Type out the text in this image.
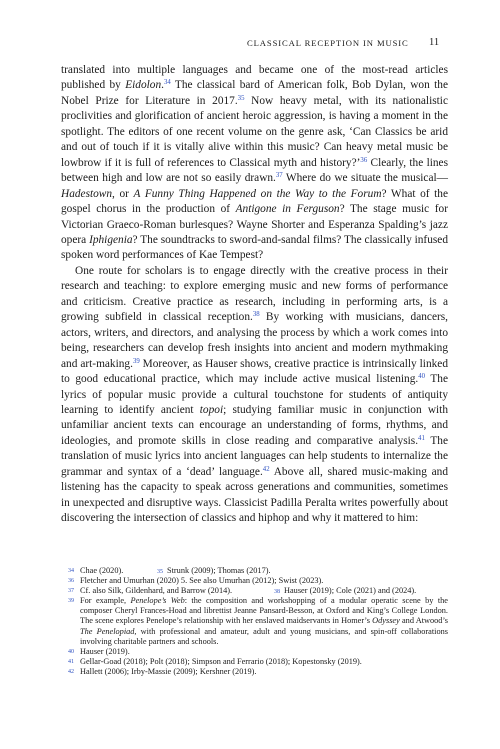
CLASSICAL RECEPTION IN MUSIC 11

translated into multiple languages and became one of the most-read articles published by Eidolon.$^{34}$ The classical bard of American folk, Bob Dylan, won the Nobel Prize for Literature in 2017.35 Now heavy metal, with its nationalistic proclivities and glorification of ancient heroic aggression, is having a moment in the spotlight. The editors of one recent volume on the genre ask, ‘Can Classics be arid and out of touch if it is vitally alive within this music? Can heavy metal music be lowbrow if it is full of references to Classical myth and history?’$^{36}$ Clearly, the lines between high and low are not so easily drawn.$^{37}$ Where do we situate the musical—Hadestown, or A Funny Thing Happened on the Way to the Forum? What of the gospel chorus in the production of Antigone in Ferguson? The stage music for Victorian Graeco-Roman burlesques? Wayne Shorter and Esperanza Spalding’s jazz opera Iphigenia? The soundtracks to sword-and-sandal films? The classically infused spoken word performances of Kae Tempest?

One route for scholars is to engage directly with the creative process in their research and teaching: to explore emerging music and new forms of performance and criticism. Creative practice as research, including in performing arts, is a growing subfield in classical reception.$^{38}$ By working with musicians, dancers, actors, writers, and directors, and analysing the process by which a work comes into being, researchers can develop fresh insights into ancient and modern mythmaking and art-making.$^{39}$ Moreover, as Hauser shows, creative practice is intrinsically linked to good educational practice, which may include active musical listening.$^{40}$ The lyrics of popular music provide a cultural touchstone for students of antiquity learning to identify ancient topoi; studying familiar music in conjunction with unfamiliar ancient texts can encourage an understanding of forms, rhythms, and ideologies, and promote skills in close reading and comparative analysis.$^{41}$ The translation of music lyrics into ancient languages can help students to internalize the grammar and syntax of a ‘dead’ language.$^{42}$ Above all, shared music-making and listening has the capacity to speak across generations and communities, sometimes in unexpected and disruptive ways. Classicist Padilla Peralta writes powerfully about discovering the intersection of classics and hiphop and why it mattered to him:

34 Chae (2020).	35 Strunk (2009); Thomas (2017).
36 Fletcher and Umurhan (2020) 5. See also Umurhan (2012); Swist (2023).
37 Cf. also Silk, Gildenhard, and Barrow (2014).	38 Hauser (2019); Cole (2021) and (2024).
39 For example, Penelope’s Web: the composition and workshopping of a modular operatic scene by the composer Cheryl Frances-Hoad and librettist Jeanne Pansard-Besson, at Oxford and King’s College London. The scene explores Penelope’s relationship with her enslaved maidservants in Homer’s Odyssey and Atwood’s The Penelopiad, with professional and amateur, adult and young musicians, and spin-off collaborations involving charitable partners and schools.
40 Hauser (2019).
41 Gellar-Goad (2018); Polt (2018); Simpson and Ferrario (2018); Kopestonsky (2019).
42 Hallett (2006); Irby-Massie (2009); Kershner (2019).
